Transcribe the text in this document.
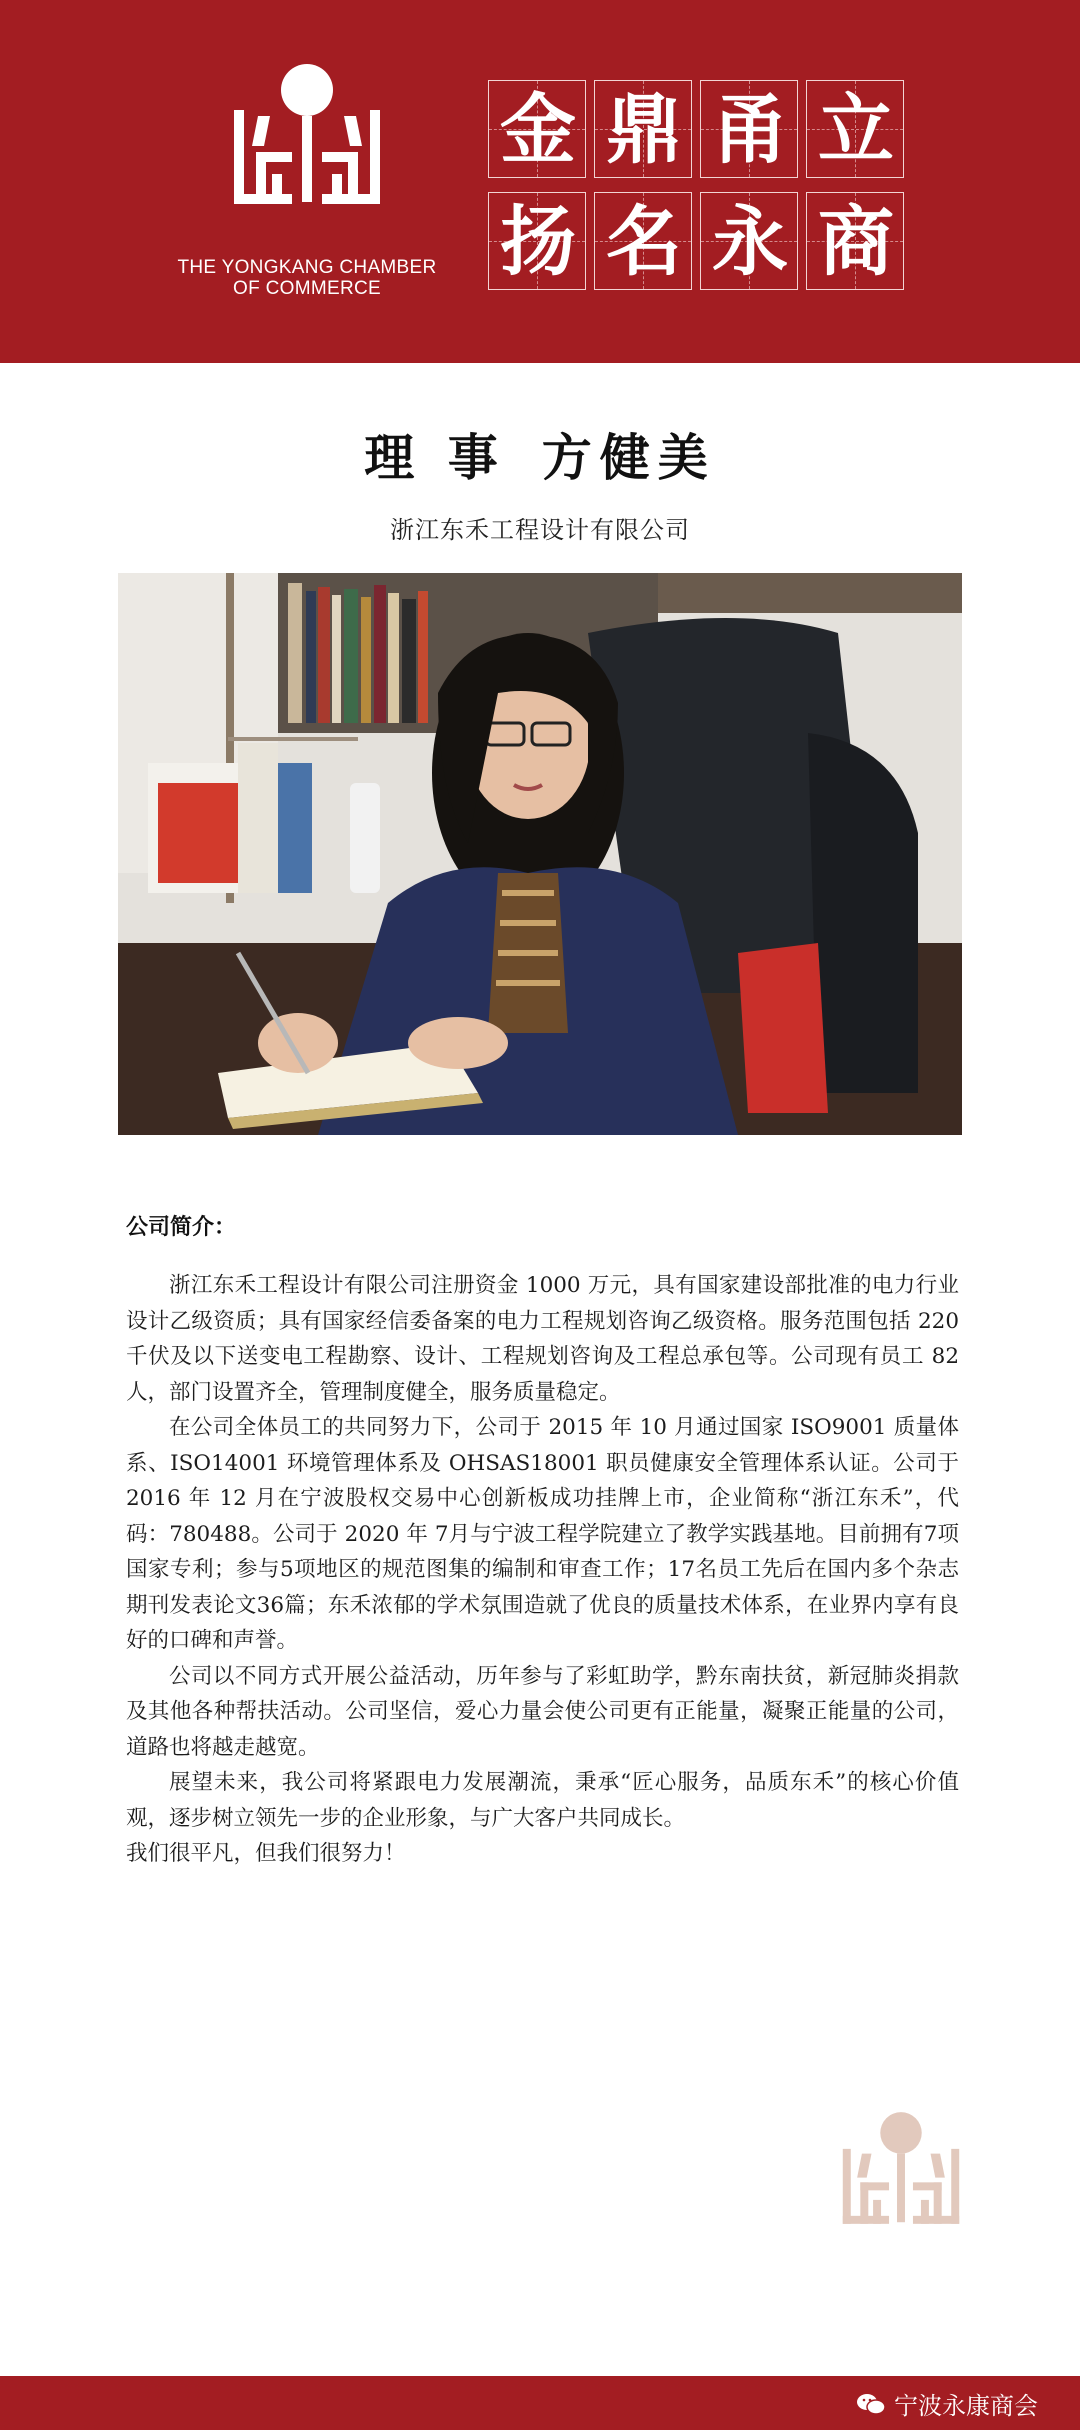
THE YONGKANG CHAMBER
OF COMMERCE
金 鼎 甬 立
扬 名 永 商
理 事 方健美
浙江东禾工程设计有限公司
公司简介：

浙江东禾工程设计有限公司注册资金 1000 万元，具有国家建设部批准的电力行业设计乙级资质；具有国家经信委备案的电力工程规划咨询乙级资格。服务范围包括 220 千伏及以下送变电工程勘察、设计、工程规划咨询及工程总承包等。公司现有员工 82人，部门设置齐全，管理制度健全，服务质量稳定。

在公司全体员工的共同努力下，公司于 2015 年 10 月通过国家 ISO9001 质量体系、ISO14001 环境管理体系及 OHSAS18001 职员健康安全管理体系认证。公司于 2016 年 12 月在宁波股权交易中心创新板成功挂牌上市，企业简称“浙江东禾”，代码：780488。公司于 2020 年 7月与宁波工程学院建立了教学实践基地。目前拥有7项国家专利；参与5项地区的规范图集的编制和审查工作；17名员工先后在国内多个杂志期刊发表论文36篇；东禾浓郁的学术氛围造就了优良的质量技术体系，在业界内享有良好的口碑和声誉。

公司以不同方式开展公益活动，历年参与了彩虹助学，黔东南扶贫，新冠肺炎捐款及其他各种帮扶活动。公司坚信，爱心力量会使公司更有正能量，凝聚正能量的公司，道路也将越走越宽。

展望未来，我公司将紧跟电力发展潮流，秉承“匠心服务，品质东禾”的核心价值观，逐步树立领先一步的企业形象，与广大客户共同成长。

我们很平凡，但我们很努力！

宁波永康商会
